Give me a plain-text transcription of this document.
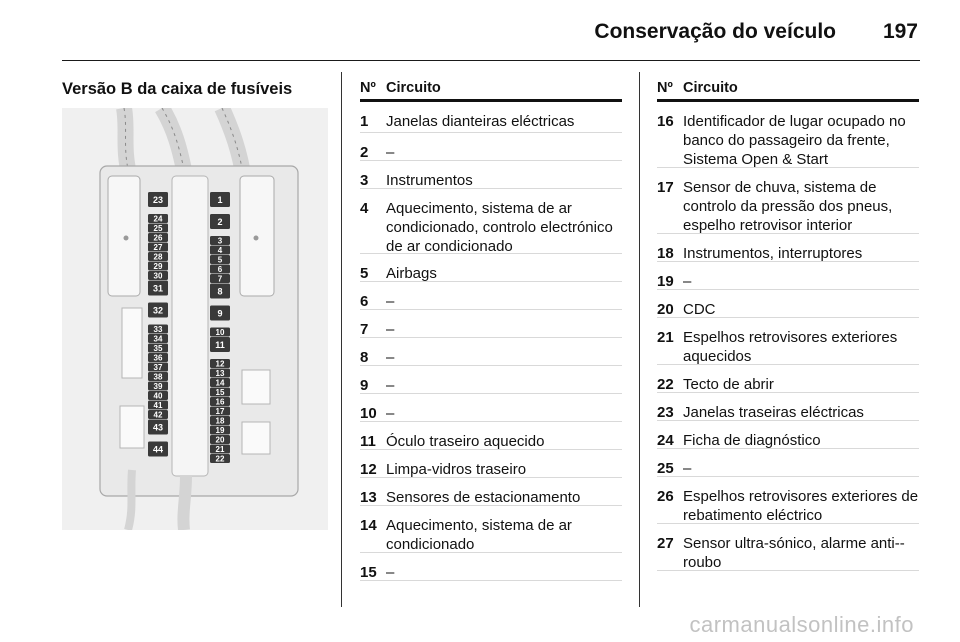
Conservação do veículo 197
Versão B da caixa de fusíveis
23
24
25
26
27
28
29
30
31
32
33
34
35
36
37
38
39
40
41
42
43
44
1
2
3
4
5
6
7
8
9
10
11
12
13
14
15
16
17
18
19
20
21
22
Nº Circuito
1	Janelas dianteiras eléctricas
2	–
3	Instrumentos
4	Aquecimento, sistema de ar condicionado, controlo electrónico de ar condicionado
5	Airbags
6	–
7	–
8	–
9	–
10 –
11 Óculo traseiro aquecido
12 Limpa-vidros traseiro
13 Sensores de estacionamento
14 Aquecimento, sistema de ar condicionado
15 –
Nº Circuito
16 Identificador de lugar ocupado no banco do passageiro da frente, Sistema Open & Start
17 Sensor de chuva, sistema de controlo da pressão dos pneus, espelho retrovisor interior
18 Instrumentos, interruptores
19 –
20 CDC
21 Espelhos retrovisores exteriores aquecidos
22 Tecto de abrir
23 Janelas traseiras eléctricas
24 Ficha de diagnóstico
25 –
26 Espelhos retrovisores exteriores de rebatimento eléctrico
27 Sensor ultra-sónico, alarme anti--roubo
carmanualsonline.info
